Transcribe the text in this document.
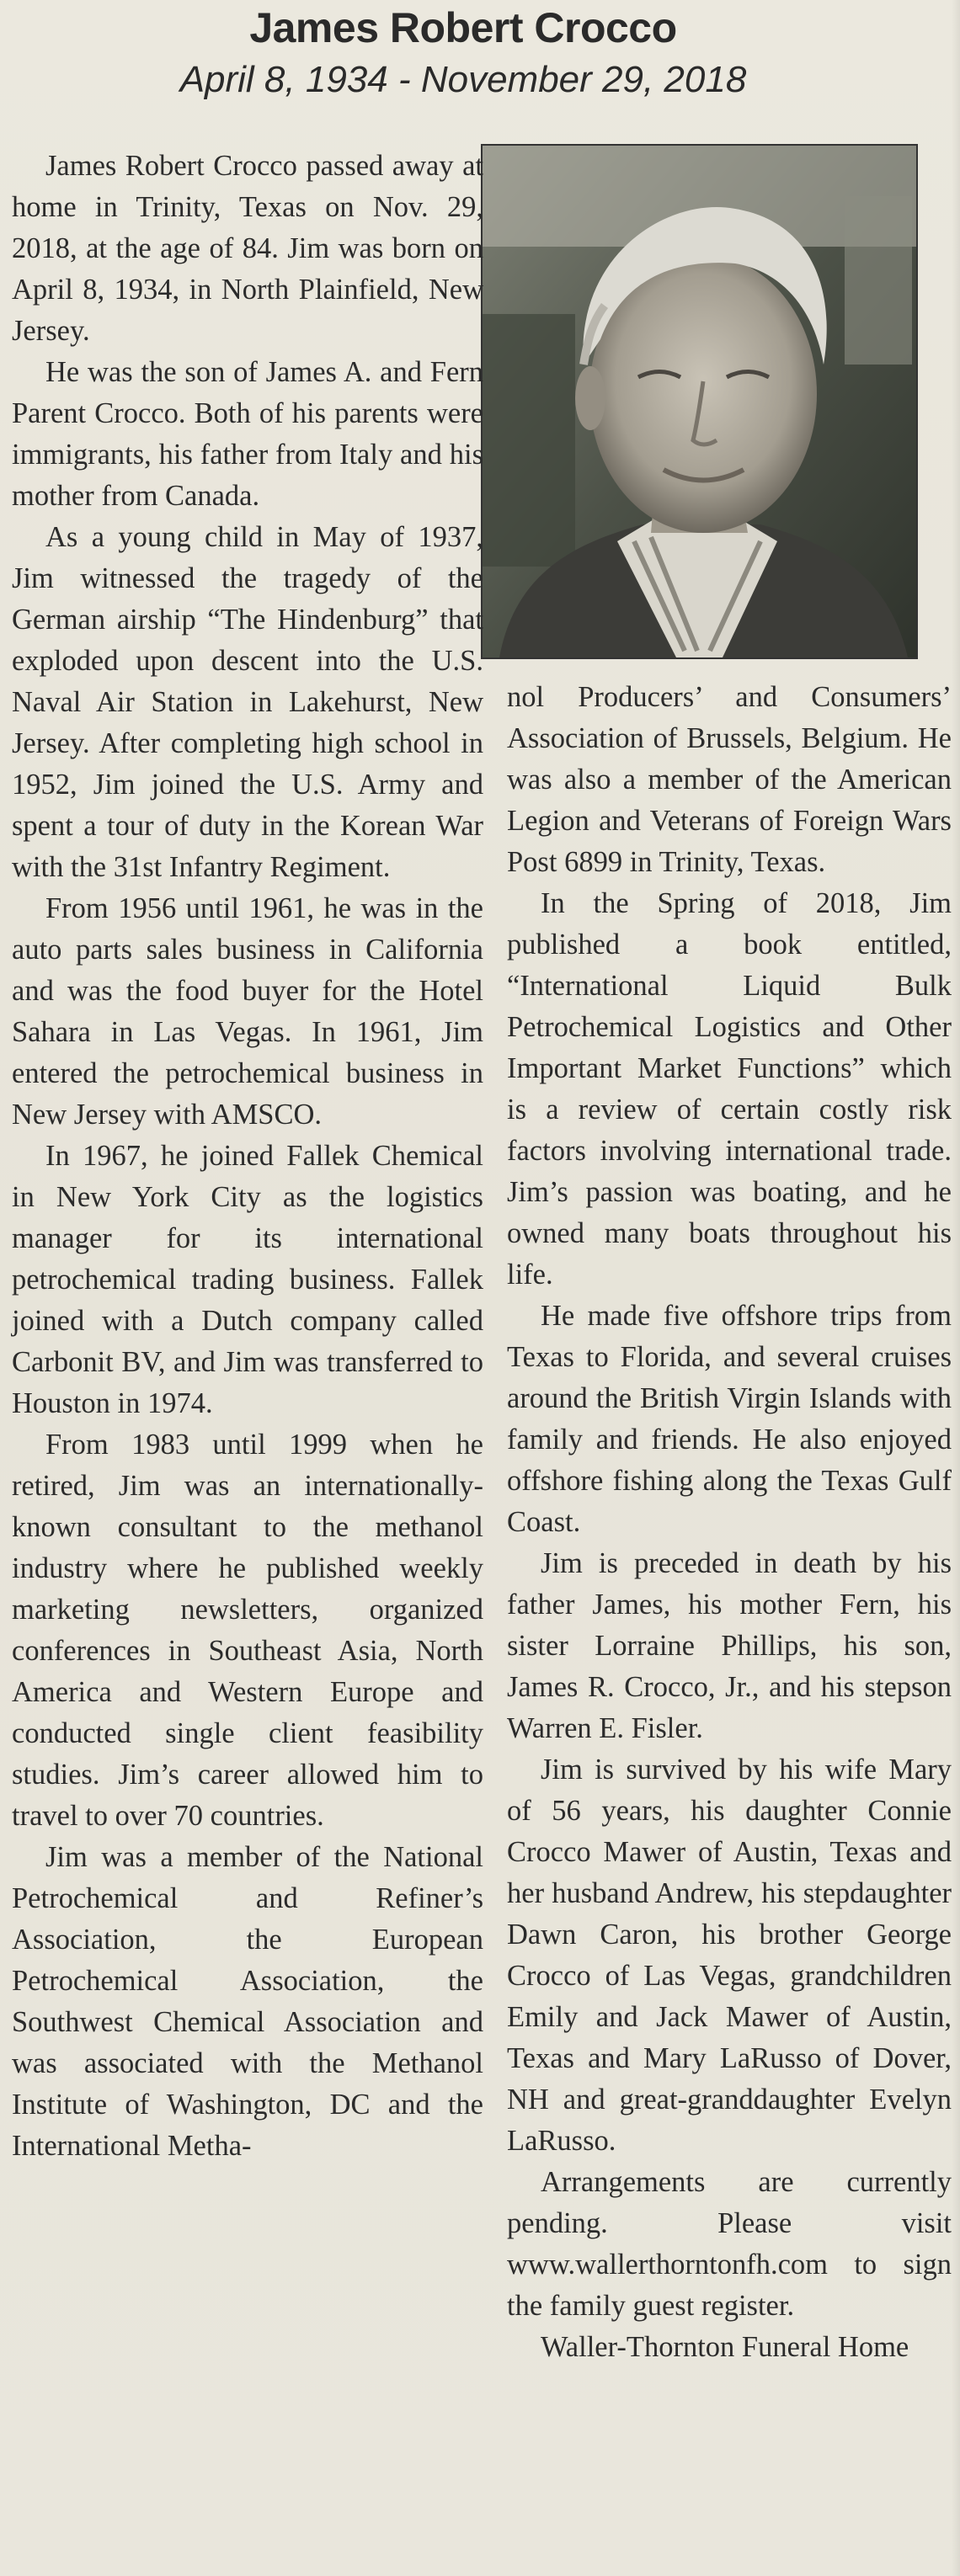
James Robert Crocco
April 8, 1934 - November 29, 2018

James Robert Crocco passed away at home in Trinity, Texas on Nov. 29, 2018, at the age of 84. Jim was born on April 8, 1934, in North Plainfield, New Jersey.

He was the son of James A. and Fern Parent Crocco. Both of his parents were immigrants, his father from Italy and his mother from Canada.

As a young child in May of 1937, Jim witnessed the tragedy of the German airship “The Hindenburg” that exploded upon descent into the U.S. Naval Air Station in Lakehurst, New Jersey. After completing high school in 1952, Jim joined the U.S. Army and spent a tour of duty in the Korean War with the 31st Infantry Regiment.

From 1956 until 1961, he was in the auto parts sales business in California and was the food buyer for the Hotel Sahara in Las Vegas. In 1961, Jim entered the petrochemical business in New Jersey with AMSCO.

In 1967, he joined Fallek Chemical in New York City as the logistics manager for its international petrochemical trading business. Fallek joined with a Dutch company called Carbonit BV, and Jim was transferred to Houston in 1974.

From 1983 until 1999 when he retired, Jim was an internationally-known consultant to the methanol industry where he published weekly marketing newsletters, organized conferences in Southeast Asia, North America and Western Europe and conducted single client feasibility studies. Jim’s career allowed him to travel to over 70 countries.

Jim was a member of the National Petrochemical and Refiner’s Association, the European Petrochemical Association, the Southwest Chemical Association and was associated with the Methanol Institute of Washington, DC and the International Metha-

nol Producers’ and Consumers’ Association of Brussels, Belgium. He was also a member of the American Legion and Veterans of Foreign Wars Post 6899 in Trinity, Texas.

In the Spring of 2018, Jim published a book entitled, “International Liquid Bulk Petrochemical Logistics and Other Important Market Functions” which is a review of certain costly risk factors involving international trade. Jim’s passion was boating, and he owned many boats throughout his life.

He made five offshore trips from Texas to Florida, and several cruises around the British Virgin Islands with family and friends. He also enjoyed offshore fishing along the Texas Gulf Coast.

Jim is preceded in death by his father James, his mother Fern, his sister Lorraine Phillips, his son, James R. Crocco, Jr., and his stepson Warren E. Fisler.

Jim is survived by his wife Mary of 56 years, his daughter Connie Crocco Mawer of Austin, Texas and her husband Andrew, his stepdaughter Dawn Caron, his brother George Crocco of Las Vegas, grandchildren Emily and Jack Mawer of Austin, Texas and Mary LaRusso of Dover, NH and great-granddaughter Evelyn LaRusso.

Arrangements are currently pending. Please visit www.wallerthorntonfh.com to sign the family guest register.

Waller-Thornton Funeral Home
